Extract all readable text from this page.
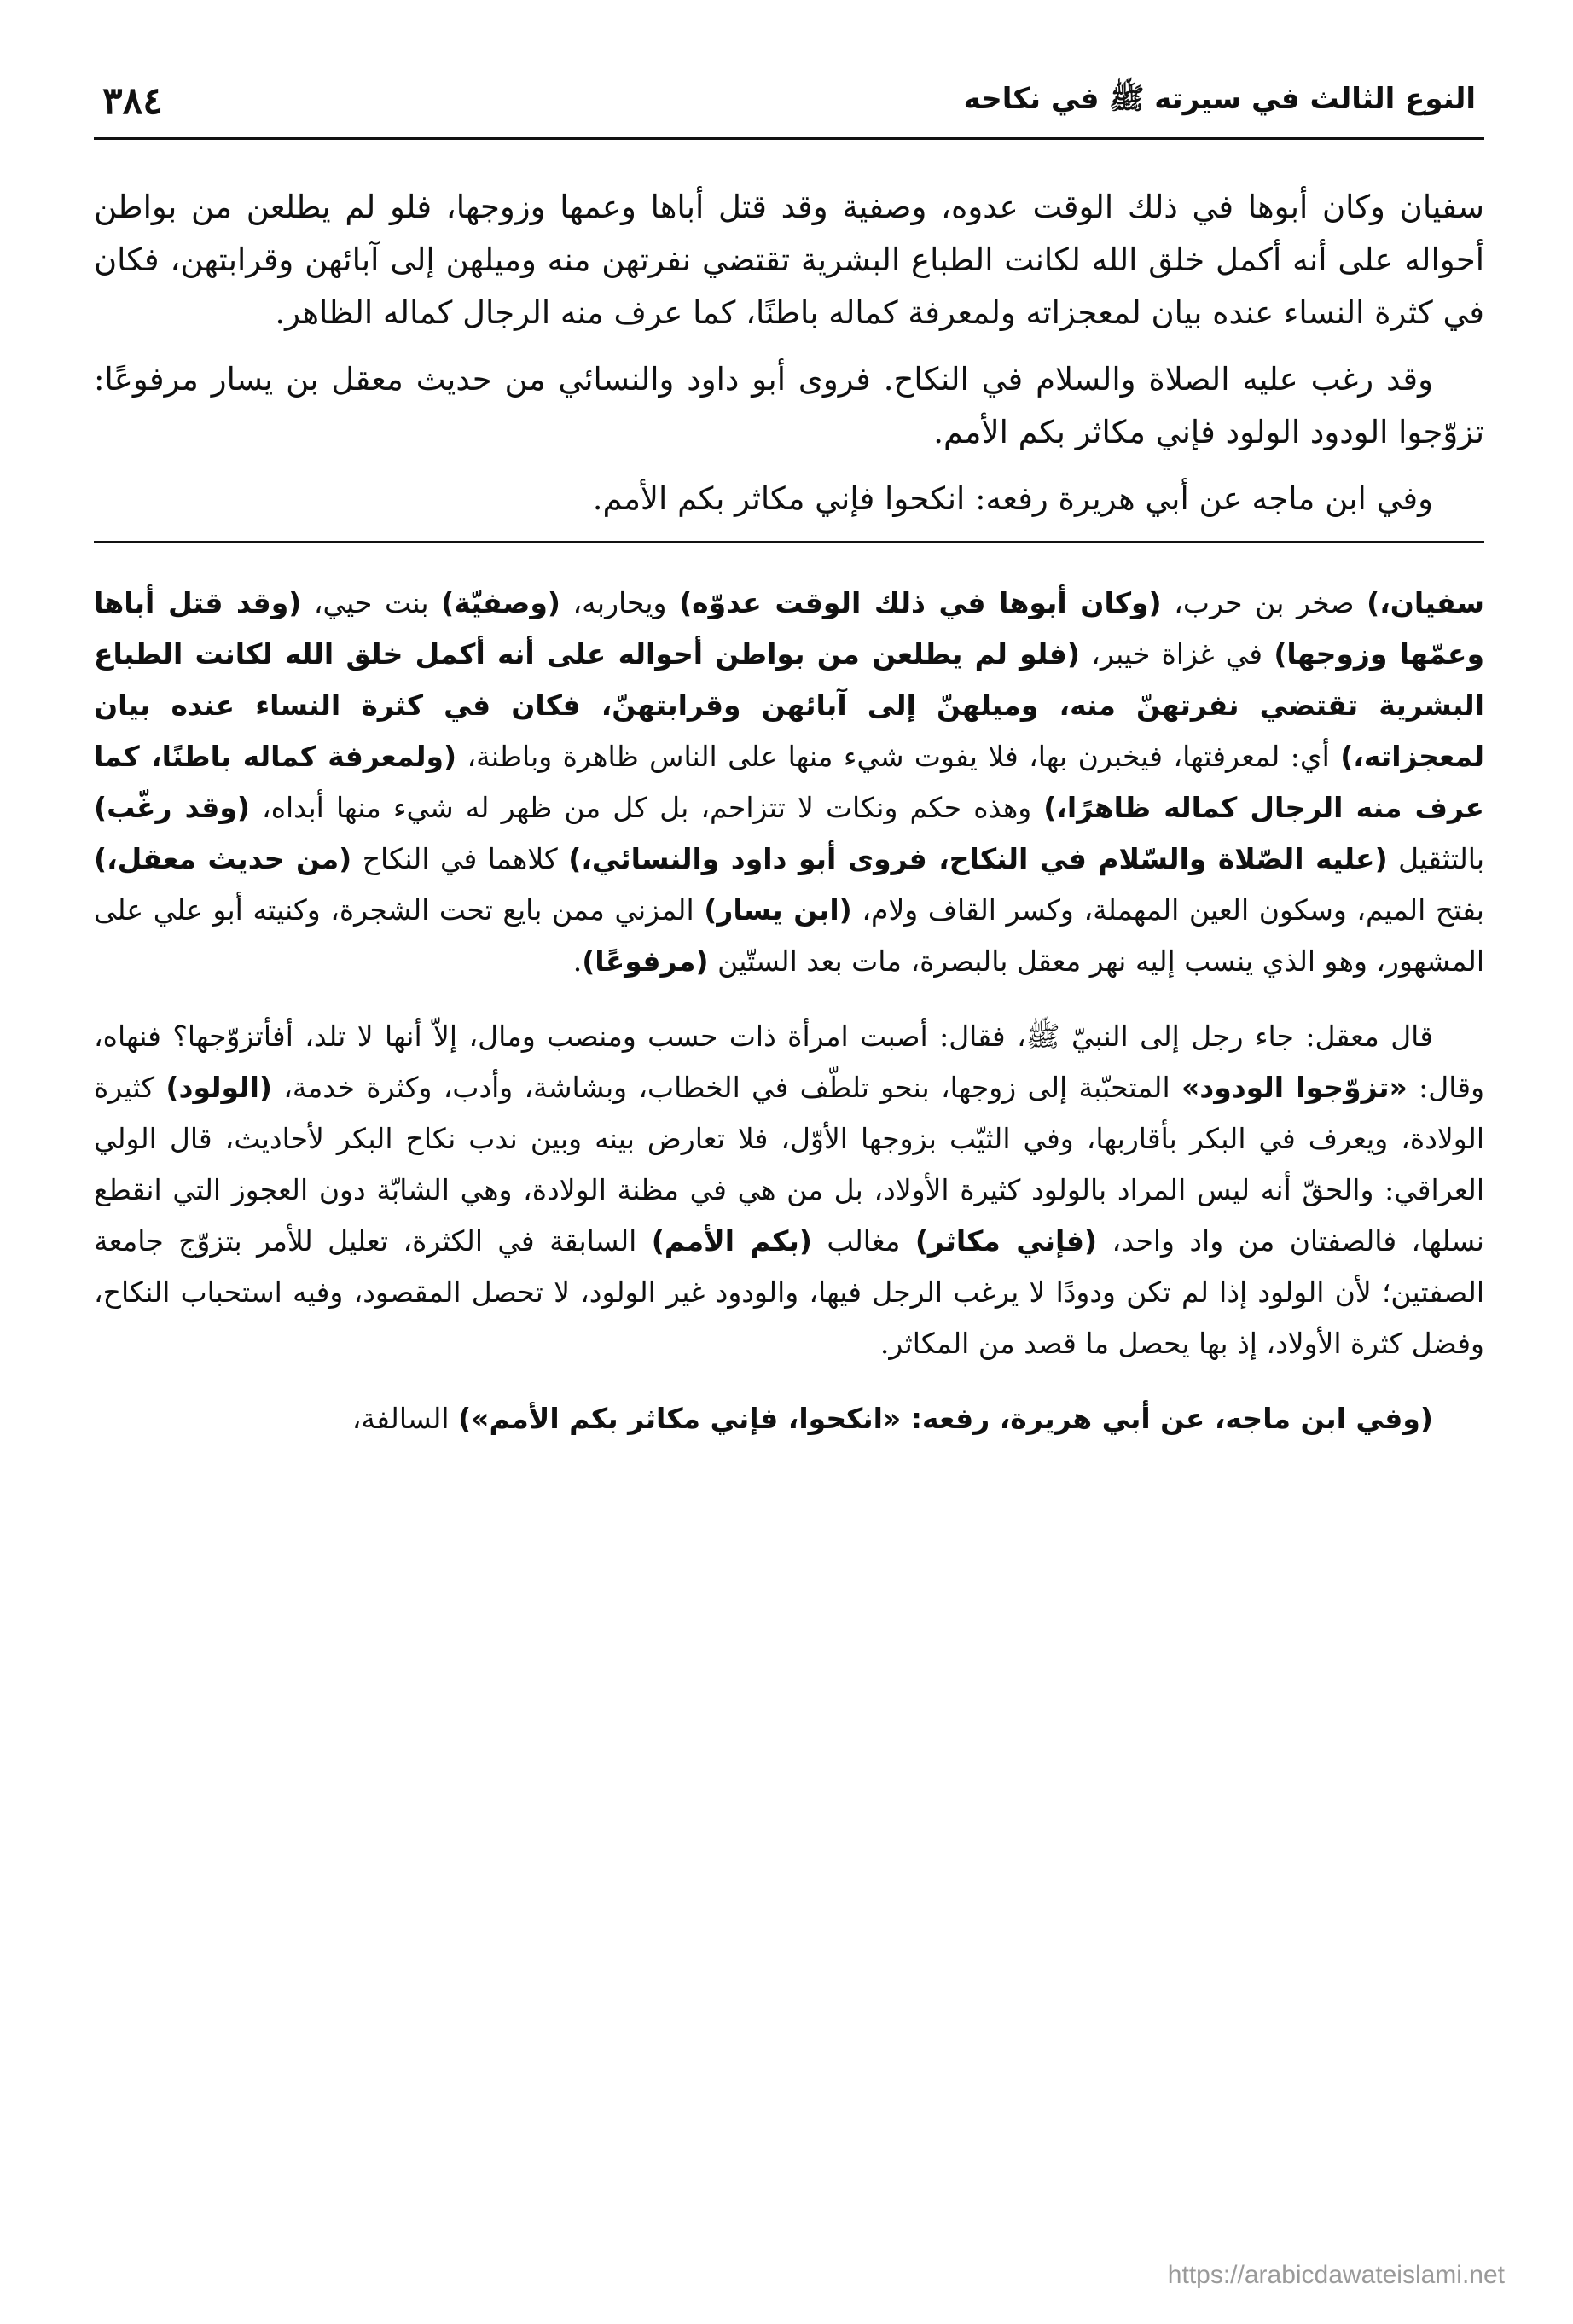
النوع الثالث في سيرته ﷺ في نكاحه
٣٨٤

سفيان وكان أبوها في ذلك الوقت عدوه، وصفية وقد قتل أباها وعمها وزوجها، فلو لم يطلعن من بواطن أحواله على أنه أكمل خلق الله لكانت الطباع البشرية تقتضي نفرتهن منه وميلهن إلى آبائهن وقرابتهن، فكان في كثرة النساء عنده بيان لمعجزاته ولمعرفة كماله باطنًا، كما عرف منه الرجال كماله الظاهر.

وقد رغب عليه الصلاة والسلام في النكاح. فروى أبو داود والنسائي من حديث معقل بن يسار مرفوعًا: تزوّجوا الودود الولود فإني مكاثر بكم الأمم.

وفي ابن ماجه عن أبي هريرة رفعه: انكحوا فإني مكاثر بكم الأمم.

سفيان،) صخر بن حرب، (وكان أبوها في ذلك الوقت عدوّه) ويحاربه، (وصفيّة) بنت حيي، (وقد قتل أباها وعمّها وزوجها) في غزاة خيبر، (فلو لم يطلعن من بواطن أحواله على أنه أكمل خلق الله لكانت الطباع البشرية تقتضي نفرتهنّ منه، وميلهنّ إلى آبائهن وقرابتهنّ، فكان في كثرة النساء عنده بيان لمعجزاته،) أي: لمعرفتها، فيخبرن بها، فلا يفوت شيء منها على الناس ظاهرة وباطنة، (ولمعرفة كماله باطنًا، كما عرف منه الرجال كماله ظاهرًا،) وهذه حكم ونكات لا تتزاحم، بل كل من ظهر له شيء منها أبداه، (وقد رغّب) بالتثقيل (عليه الصّلاة والسّلام في النكاح، فروى أبو داود والنسائي،) كلاهما في النكاح (من حديث معقل،) بفتح الميم، وسكون العين المهملة، وكسر القاف ولام، (ابن يسار) المزني ممن بايع تحت الشجرة، وكنيته أبو علي على المشهور، وهو الذي ينسب إليه نهر معقل بالبصرة، مات بعد الستّين (مرفوعًا).

قال معقل: جاء رجل إلى النبيّ ﷺ، فقال: أصبت امرأة ذات حسب ومنصب ومال، إلاّ أنها لا تلد، أفأتزوّجها؟ فنهاه، وقال: «تزوّجوا الودود» المتحبّبة إلى زوجها، بنحو تلطّف في الخطاب، وبشاشة، وأدب، وكثرة خدمة، (الولود) كثيرة الولادة، ويعرف في البكر بأقاربها، وفي الثيّب بزوجها الأوّل، فلا تعارض بينه وبين ندب نكاح البكر لأحاديث، قال الولي العراقي: والحقّ أنه ليس المراد بالولود كثيرة الأولاد، بل من هي في مظنة الولادة، وهي الشابّة دون العجوز التي انقطع نسلها، فالصفتان من واد واحد، (فإني مكاثر) مغالب (بكم الأمم) السابقة في الكثرة، تعليل للأمر بتزوّج جامعة الصفتين؛ لأن الولود إذا لم تكن ودودًا لا يرغب الرجل فيها، والودود غير الولود، لا تحصل المقصود، وفيه استحباب النكاح، وفضل كثرة الأولاد، إذ بها يحصل ما قصد من المكاثر.

(وفي ابن ماجه، عن أبي هريرة، رفعه: «انكحوا، فإني مكاثر بكم الأمم») السالفة،

https://arabicdawateislami.net
